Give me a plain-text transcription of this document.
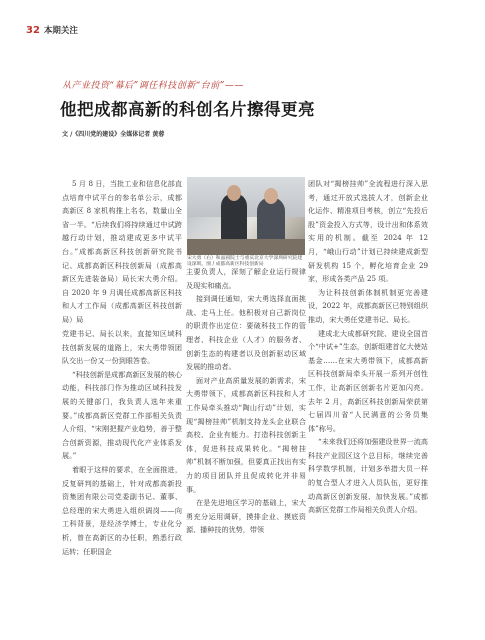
32 本期关注
从产业投资“幕后”调任科技创新“台前”——
他把成都高新的科创名片擦得更亮
文 /《四川党的建设》全媒体记者 黄蓉

5 月 8 日，当批工业和信息化部直点培育中试平台的参名单公示，成都高新区 8 家机构推上名名，数量山全省一半。“后续我们将持续通过中试跨越行动计划，推动建成更多中试平台。”成都高新区科技创新研究院书记、成都高新区科技创新局（成都高新区先进装备局）局长宋大勇介绍。自 2020 年 9 月调任成都高新区科技和人才工作局（成都高新区科技创新局）局

党建书记、局长以来，直接知区域科技创新发展的道路上，宋大勇带领团队交出一份又一份到眼答卷。

“科技创新是成都高新区发展的核心动能，科技部门作为推动区域科技发展的关键部门，我负责人选年来重要。”成都高新区党群工作部相关负责人介绍，“宋刚把握产业趋势，善于整合创新资源，推动现代化产业体系发展。”

着眼于这样的要求，在全面推进，反复研判的基础上，针对成都高新投资集团有限公司党委副书记、董事、总经理的宋大勇进入组织调岗——向工科背景，是经济学博士，专业化分析，曾在高新区的办任职，熟悉行政运转；任职国企

宋大勇（右）和晶圆院士与重庆北京大学深圳研究院建设深圳。图 / 成都高新区科技创新局

主要负责人，深刻了解企业运行规律及现实和痛点。

接到调任通知，宋大勇选择直面挑战、走马上任。他积极对自己新岗位的职责作出定位：要破科技工作的管理者、科技企业（人才）的服务者、创新生态的构建者以及创新驱动区域发展的推动者。

面对产业高质量发展的新需求，宋大勇带领下，成都高新区科技和人才工作局牵头推动“陶山行动”计划，实现“揭榜挂帅”机制支持龙头企业联合高校、企业有能力。打造科技创新主体，促进科技成果转化。“揭榜挂帅”机制不断加强，但要真正找出有实力的项目团队并且促成转化并非易事。

在是先进地区学习的基础上，宋大勇充分运用调研，摸排企业、摸底资源、播种技的优势，带领

团队对“揭榜挂帅”全流程进行深入思考，通过开放式选拔人才，创新企业化运作、精准项目考核，创立“先投后股”资金投入方式等，设计出和体系效实用的机制。截至 2024 年 12 月，“峨山行动”计划已持续建成新型研发机构 15 个，孵化培育企业 29 家，形成各类产品 25 项。

为让科技创新体制机制更完善建设，2022 年，成都高新区已特别组织推动，宋大勇任党建书记、局长。

建成北大成都研究院、建设全国首个“中试+”生态，创新组建首亿大使站基金……在宋大勇带领下，成都高新区科技创新局牵头开展一系列开创性工作，让高新区创新名片更加闪亮。去年 2 月，高新区科技创新局荣获第七届四川省“人民满意的公务员集体”称号。

“未来我们还将加强建设世界一流高科技产业园区这个总目标，继续完善科学数学机制，计划多举措大员一样的复合型人才进入人员队伍，更好推动高新区创新发展、加快发展。”成都高新区党群工作局相关负责人介绍。
